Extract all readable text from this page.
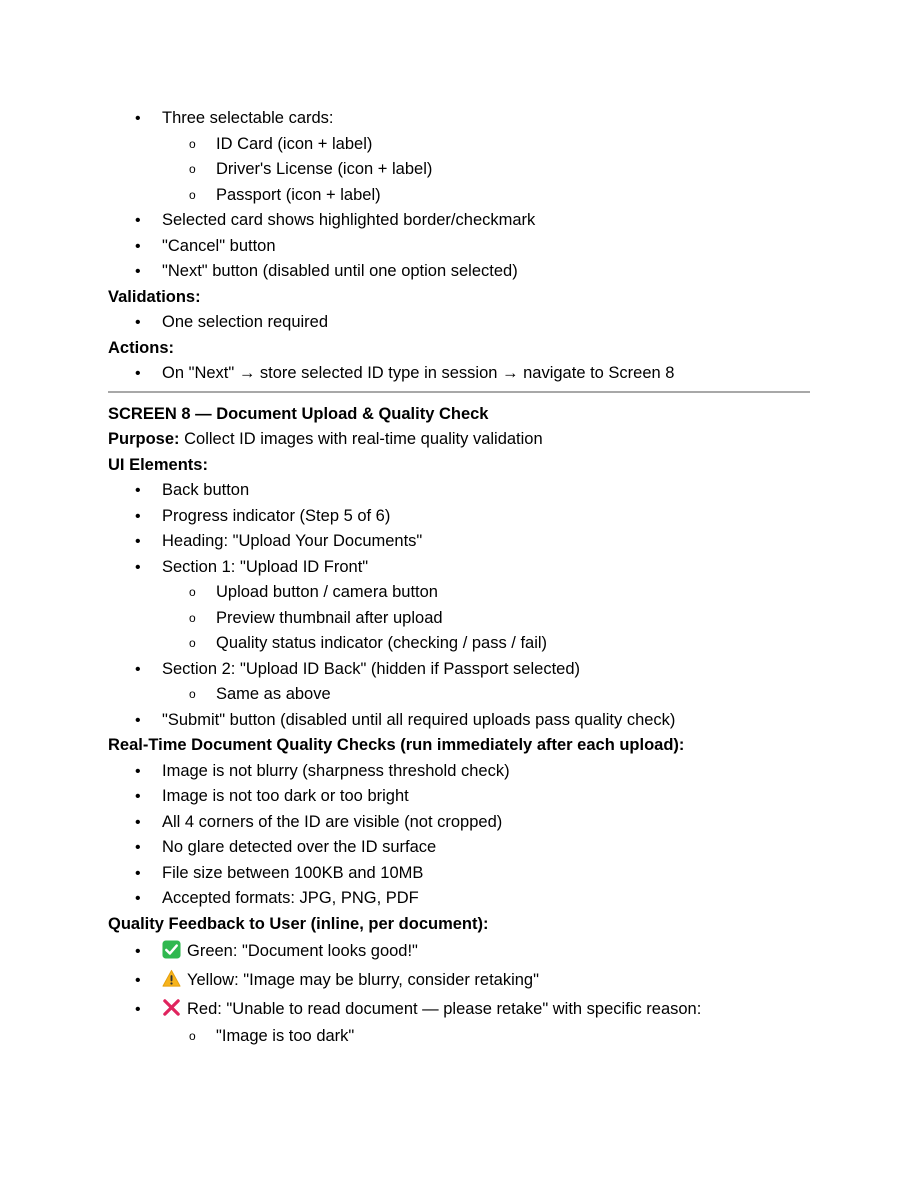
• Three selectable cards:
o ID Card (icon + label)
o Driver's License (icon + label)
o Passport (icon + label)
• Selected card shows highlighted border/checkmark
• "Cancel" button
• "Next" button (disabled until one option selected)
Validations:
• One selection required
Actions:
• On "Next" → store selected ID type in session → navigate to Screen 8
SCREEN 8 — Document Upload & Quality Check
Purpose: Collect ID images with real-time quality validation
UI Elements:
• Back button
• Progress indicator (Step 5 of 6)
• Heading: "Upload Your Documents"
• Section 1: "Upload ID Front"
o Upload button / camera button
o Preview thumbnail after upload
o Quality status indicator (checking / pass / fail)
• Section 2: "Upload ID Back" (hidden if Passport selected)
o Same as above
• "Submit" button (disabled until all required uploads pass quality check)
Real-Time Document Quality Checks (run immediately after each upload):
• Image is not blurry (sharpness threshold check)
• Image is not too dark or too bright
• All 4 corners of the ID are visible (not cropped)
• No glare detected over the ID surface
• File size between 100KB and 10MB
• Accepted formats: JPG, PNG, PDF
Quality Feedback to User (inline, per document):
•	Green: "Document looks good!"
•	Yellow: "Image may be blurry, consider retaking"
•	Red: "Unable to read document — please retake" with specific reason:
o "Image is too dark"
